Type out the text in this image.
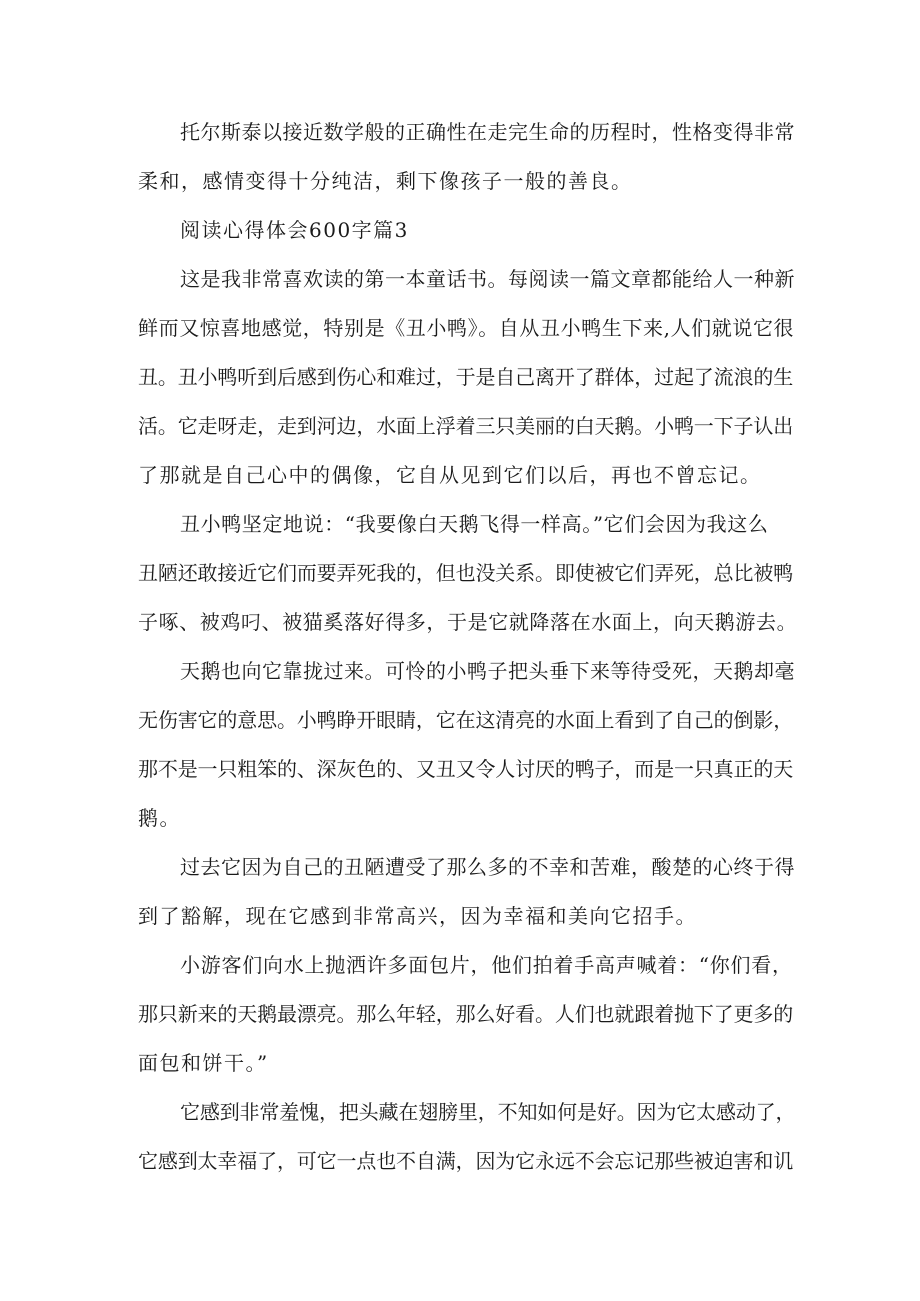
托尔斯泰以接近数学般的正确性在走完生命的历程时，性格变得非常
柔和，感情变得十分纯洁，剩下像孩子一般的善良。
阅读心得体会600字篇3
这是我非常喜欢读的第一本童话书。每阅读一篇文章都能给人一种新
鲜而又惊喜地感觉，特别是《丑小鸭》。自从丑小鸭生下来,人们就说它很
丑。丑小鸭听到后感到伤心和难过，于是自己离开了群体，过起了流浪的生
活。它走呀走，走到河边，水面上浮着三只美丽的白天鹅。小鸭一下子认出
了那就是自己心中的偶像，它自从见到它们以后，再也不曾忘记。
丑小鸭坚定地说：“我要像白天鹅飞得一样高。”它们会因为我这么
丑陋还敢接近它们而要弄死我的，但也没关系。即使被它们弄死，总比被鸭
子啄、被鸡叼、被猫奚落好得多，于是它就降落在水面上，向天鹅游去。
天鹅也向它靠拢过来。可怜的小鸭子把头垂下来等待受死，天鹅却毫
无伤害它的意思。小鸭睁开眼睛，它在这清亮的水面上看到了自己的倒影，
那不是一只粗笨的、深灰色的、又丑又令人讨厌的鸭子，而是一只真正的天
鹅。
过去它因为自己的丑陋遭受了那么多的不幸和苦难，酸楚的心终于得
到了豁解，现在它感到非常高兴，因为幸福和美向它招手。
小游客们向水上抛洒许多面包片，他们拍着手高声喊着：“你们看，
那只新来的天鹅最漂亮。那么年轻，那么好看。人们也就跟着抛下了更多的
面包和饼干。”
它感到非常羞愧，把头藏在翅膀里，不知如何是好。因为它太感动了，
它感到太幸福了，可它一点也不自满，因为它永远不会忘记那些被迫害和讥
